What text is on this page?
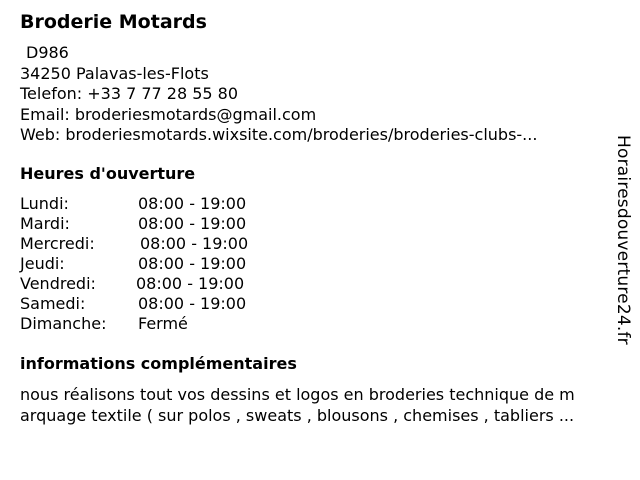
Broderie Motards
D986
34250 Palavas-les-Flots
Telefon: +33 7 77 28 55 80
Email: broderiesmotards@gmail.com
Web: broderiesmotards.wixsite.com/broderies/broderies-clubs-...
Heures d'ouverture
Lundi:	08:00 - 19:00
Mardi:	08:00 - 19:00
Mercredi:	08:00 - 19:00
Jeudi:	08:00 - 19:00
Vendredi:	08:00 - 19:00
Samedi:	08:00 - 19:00
Dimanche: Fermé
informations complémentaires
nous réalisons tout vos dessins et logos en broderies technique de m
arquage textile ( sur polos , sweats , blousons , chemises , tabliers ...
Horairesdouverture24.fr
